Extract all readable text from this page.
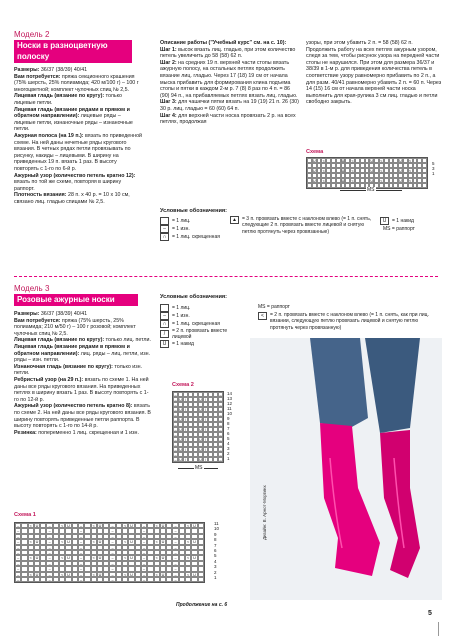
Модель 2
Носки в разноцветную
полоску

Размеры: 36/37 (38/39) 40/41

Вам потребуется: пряжа секционного крашения (75% шерсть, 25% полиамида; 420 м/100 г) – 100 г многоцветной; комплект чулочных спиц № 2,5.

Лицевая гладь (вязание по кругу): только лицевые петли.

Лицевая гладь (вязание рядами в прямом и обратном направлении): лицевые ряды – лицевые петли, изнаночные ряды – изнаночные петли.

Ажурная полоса (на 19 п.): вязать по приведенной схеме. На ней даны нечетные ряды кругового вязания. В четных рядах петли провязывать по рисунку, накиды – лицевыми. В ширину на приведенных 19 п. вязать 1 раз. В высоту повторять с 1-го по 6-й р.

Ажурный узор (количество петель кратно 12): вязать по той же схеме, повторяя в ширину раппорт.

Плотность вязания: 28 п. х 40 р. = 10 х 10 см, связано лиц. гладью спицами № 2,5.

Описание работы ("Учебный курс" см. на с. 10):

Шаг 1: высок вязать лиц. гладью, при этом количество петель увеличить до 58 (58) 62 п.

Шаг 2: на средних 19 п. верхней части стопы вязать ажурную полосу, на остальных петлях продолжить вязание лиц. гладью. Через 17 (18) 19 см от начала мыска прибавить для формирования клина подъема стопы и пятки в каждом 2-м р. 7 (8) 8 раз по 4 п. = 86 (90) 94 п., на прибавляемых петлях вязать лиц. гладью.

Шаг 3: для чашечки пятки вязать на 19 (19) 21 п. 26 (30) 30 р. лиц. гладью = 60 (60) 64 п.

Шаг 4: для верхней части носка провязать 2 р. на всех петлях, продолжая

узоры, при этом убавить 2 п. = 58 (58) 62 п. Продолжить работу на всех петлях ажурным узором, следя за тем, чтобы рисунок узора на передней части стопы не нарушился. При этом для размера 36/37 и 38/39 в 1-м р. для приведения количества петель в соответствие узору равномерно прибавить по 2 п., а для разм. 40/41 равномерно убавить 2 п. = 60 п. Через 14 (15) 16 см от начала верхней части носка выполнить для края-рулика 3 см лиц. гладью и петли свободно закрыть.

Схема
U	<	U	<	U	<	U	<
U	<	U	<	U	<	U	<
U	<	U	<	U	<	U	<
5
3
1
MS
Условные обозначения:
= 1 лиц.
–	= 1 изн.
∩	= 1 лиц. скрещенная
▲	= 3 п. провязать вместе с наклоном влево (= 1 п. снять, следующие 2 п. провязать вместе лицевой и снятую петлю протянуть через провязанные)
U	= 1 накид
MS = раппорт
Модель 3
Розовые ажурные носки

Размеры: 36/37 (38/39) 40/41

Вам потребуется: пряжа (75% шерсть, 25% полиамида; 210 м/50 г) – 100 г розовой; комплект чулочных спиц № 2,5.

Лицевая гладь (вязание по кругу): только лиц. петли.

Лицевая гладь (вязание рядами в прямом и обратном направлении): лиц. ряды – лиц. петли, изн. ряды – изн. петли.

Изнаночная гладь (вязание по кругу): только изн. петли.

Ребристый узор (на 29 п.): вязать по схеме 1. На ней даны все ряды кругового вязания. На приведенных петлях в ширину вязать 1 раз. В высоту повторять с 1-го по 12-й р.

Ажурный узор (количество петель кратно 8): вязать по схеме 2. На ней даны все ряды кругового вязания. В ширину повторять приведенные петли раппорта. В высоту повторять с 1-го по 14-й р.

Резинка: попеременно 1 лиц. скрещенная и 1 изн.

Условные обозначения:
= 1 лиц.
–	= 1 изн.
∩	= 1 лиц. скрещенная
/	= 2 п. провязать вместе лицевой
U	= 1 накид
MS = раппорт
<	= 2 п. провязать вместе с наклоном влево (= 1 п. снять, как при лиц. вязании, следующую петлю провязать лицевой и снятую петлю протянуть через провязанную)
Схема 2
–	–
– U /	U /	–
–	–
– U /	U /	–
–	–
– U /	U /	–
–	–
– U /	U /	–
–	–
– U /	U /	–
–	–
– U /	U /	–
–	–
– U /	U /	–
14
13
12
11
10
9
8
7
6
5
4
3
2
1
MS
Дизайн: В. Арнот-Моргинх
Схема 1
–	<	U	–	<	U	–	<	U	–	<	U	–	<	U	–	<	U
–	–	–	–	–	–
–	–	–	–	–	–
–	<	U	–	<	U	–	<	U	–	<	U	–	<	U	–	<	U
–	–	–	–	–	–
–	–	–	–	–	–
–	<	U	–	<	U	–	<	U	–	<	U	–	<	U	–	<	U
–	–	–	–	–	–
–	–	–	–	–	–
–	<	U	–	<	U	–	<	U	–	<	U	–	<	U	–	<	U
–	–	–	–	–	–
11
10
9
8
7
6
5
4
3
2
1
Продолжение на с. 6
5
